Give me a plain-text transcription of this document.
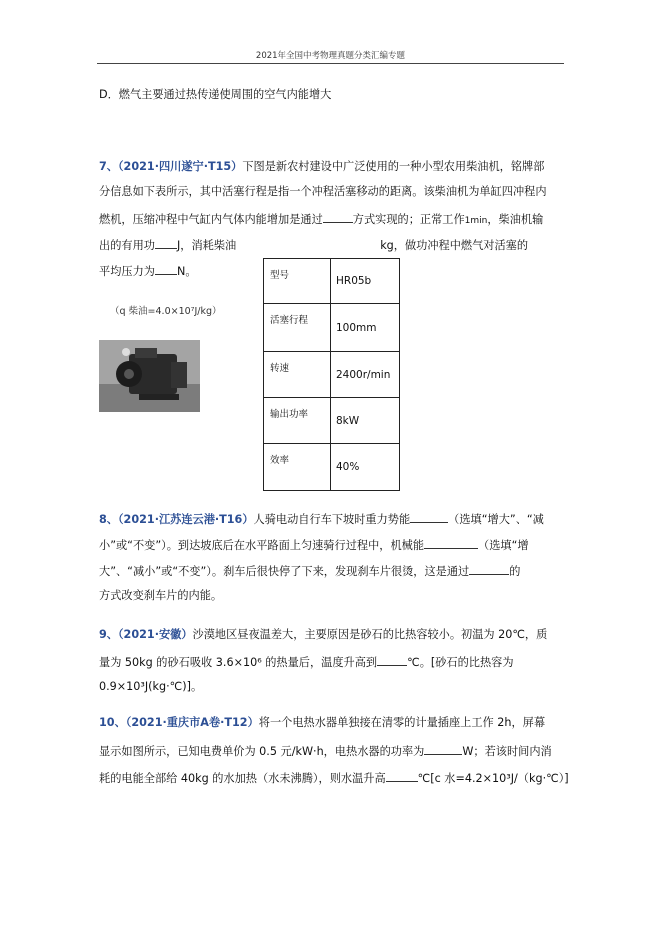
2021年全国中考物理真题分类汇编专题
D．燃气主要通过热传递使周围的空气内能增大
7、（2021·四川遂宁·T15）下图是新农村建设中广泛使用的一种小型农用柴油机，铭牌部
分信息如下表所示，其中活塞行程是指一个冲程活塞移动的距离。该柴油机为单缸四冲程内
燃机，压缩冲程中气缸内气体内能增加是通过	方式实现的；正常工作1min，柴油机输
出的有用功 J，消耗柴油	kg，做功冲程中燃气对活塞的
平均压力为 N。
（q 柴油=4.0×10⁷J/kg）
型号	HR05b
活塞行程	100mm
转速	2400r/min
输出功率	8kW
效率	40%
8、（2021·江苏连云港·T16）人骑电动自行车下坡时重力势能	（选填“增大”、“减
小”或“不变”）。到达坡底后在水平路面上匀速骑行过程中，机械能	（选填“增
大”、“减小”或“不变”）。刹车后很快停了下来，发现刹车片很烫，这是通过	的
方式改变刹车片的内能。
9、（2021·安徽）沙漠地区昼夜温差大，主要原因是砂石的比热容较小。初温为 20℃，质
量为 50kg 的砂石吸收 3.6×10⁶ 的热量后，温度升高到	℃。[砂石的比热容为
0.9×10³J(kg·℃)]。
10、（2021·重庆市A卷·T12）将一个电热水器单独接在清零的计量插座上工作 2h，屏幕
显示如图所示，已知电费单价为 0.5 元/kW·h，电热水器的功率为	W；若该时间内消
耗的电能全部给 40kg 的水加热（水未沸腾），则水温升高	℃[c 水=4.2×10³J/（kg·℃）]
